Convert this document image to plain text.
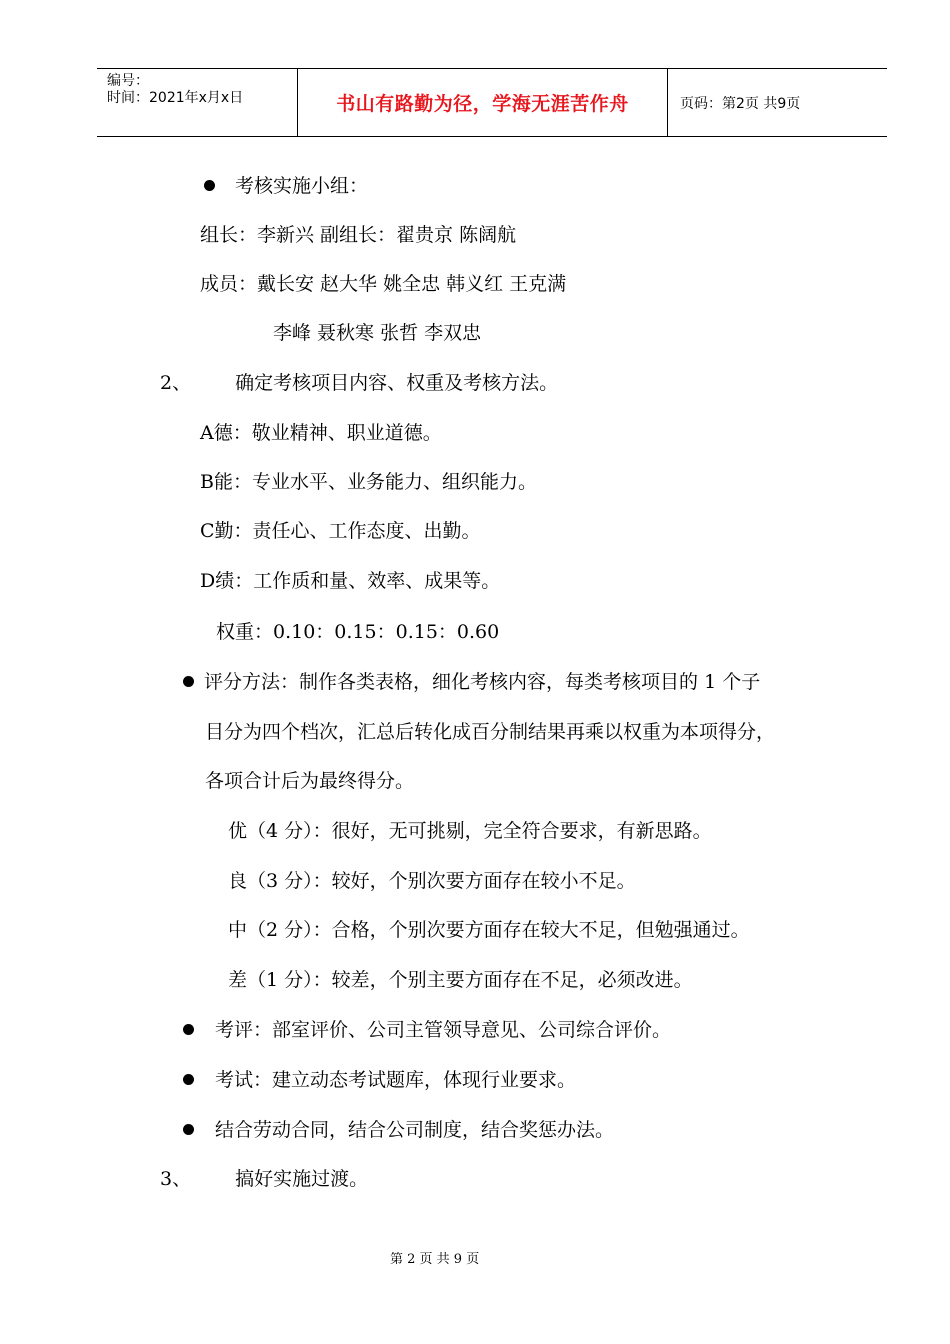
编号：
时间：2021年x月x日	书山有路勤为径，学海无涯苦作舟	页码：第2页 共9页
考核实施小组：
组长：李新兴 副组长：翟贵京 陈阔航
成员：戴长安 赵大华 姚全忠 韩义红 王克满
李峰 聂秋寒 张哲 李双忠
2、 确定考核项目内容、权重及考核方法。
A德：敬业精神、职业道德。
B能：专业水平、业务能力、组织能力。
C勤：责任心、工作态度、出勤。
D绩：工作质和量、效率、成果等。
权重：0.10：0.15：0.15：0.60
评分方法：制作各类表格，细化考核内容，每类考核项目的 1 个子
目分为四个档次，汇总后转化成百分制结果再乘以权重为本项得分，
各项合计后为最终得分。
优（4 分）：很好，无可挑剔，完全符合要求，有新思路。
良（3 分）：较好，个别次要方面存在较小不足。
中（2 分）：合格，个别次要方面存在较大不足，但勉强通过。
差（1 分）：较差，个别主要方面存在不足，必须改进。
考评：部室评价、公司主管领导意见、公司综合评价。
考试：建立动态考试题库，体现行业要求。
结合劳动合同，结合公司制度，结合奖惩办法。
3、 搞好实施过渡。
第 2 页 共 9 页
